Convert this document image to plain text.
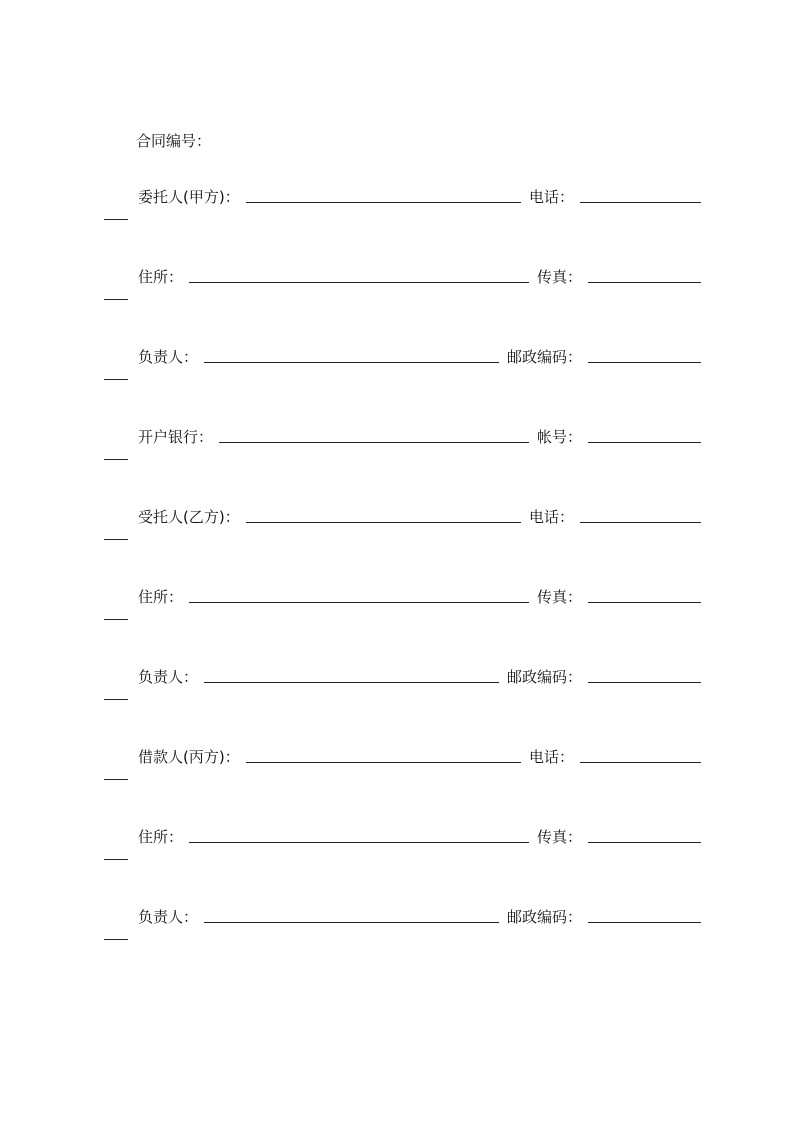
合同编号：
委托人(甲方)：	电话：
住所：	传真：
负责人：	邮政编码：
开户银行：	帐号：
受托人(乙方)：	电话：
住所：	传真：
负责人：	邮政编码：
借款人(丙方)：	电话：
住所：	传真：
负责人：	邮政编码：
